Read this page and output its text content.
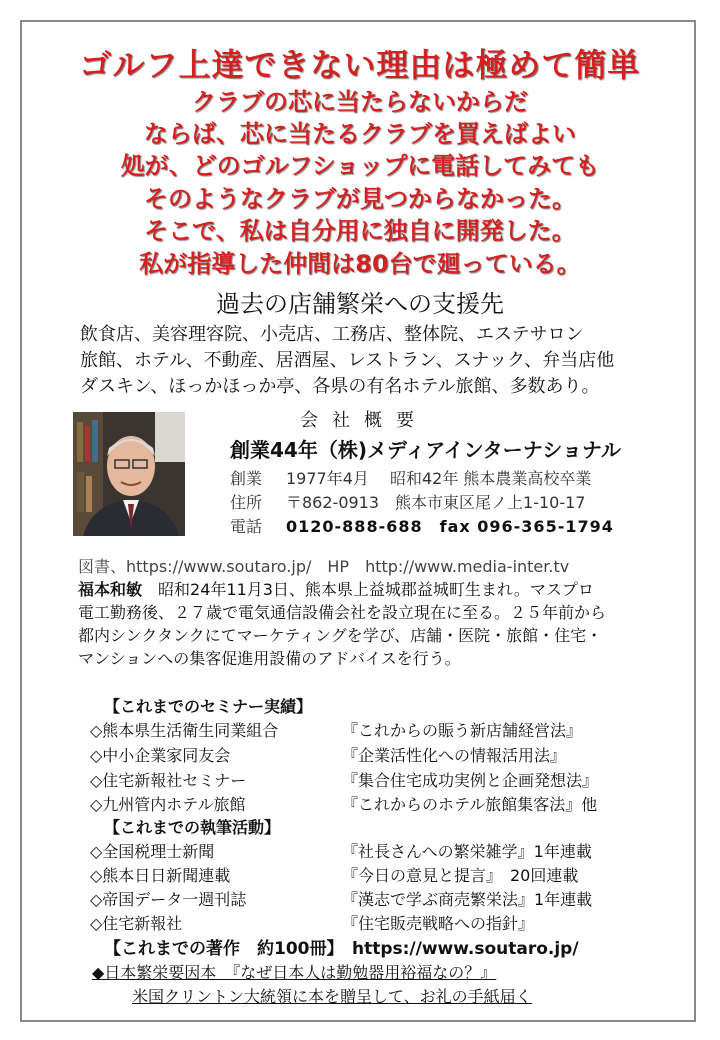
ゴルフ上達できない理由は極めて簡単
クラブの芯に当たらないからだ
ならば、芯に当たるクラブを買えばよい
処が、どのゴルフショップに電話してみても
そのようなクラブが見つからなかった。
そこで、私は自分用に独自に開発した。
私が指導した仲間は80台で廻っている。
過去の店舗繁栄への支援先
飲食店、美容理容院、小売店、工務店、整体院、エステサロン
旅館、ホテル、不動産、居酒屋、レストラン、スナック、弁当店他
ダスキン、ほっかほっか亭、各県の有名ホテル旅館、多数あり。
会社概要
創業44年（株)メディアインターナショナル
創業 1977年4月　 昭和42年 熊本農業高校卒業
住所 〒862-0913　熊本市東区尾ノ上1-10-17
電話 0120-888-688　fax 096-365-1794
図書、https://www.soutaro.jp/　HP　http://www.media-inter.tv
福本和敏　 昭和24年11月3日、熊本県上益城郡益城町生まれ。マスプロ
電工勤務後、２７歳で電気通信設備会社を設立現在に至る。２５年前から
都内シンクタンクにてマーケティングを学び、店舗・医院・旅館・住宅・
マンションへの集客促進用設備のアドバイスを行う。
【これまでのセミナー実績】
◇熊本県生活衛生同業組合	『これからの賑う新店舗経営法』
◇中小企業家同友会	『企業活性化への情報活用法』
◇住宅新報社セミナー	『集合住宅成功実例と企画発想法』
◇九州管内ホテル旅館	『これからのホテル旅館集客法』他
【これまでの執筆活動】
◇全国税理士新聞	『社長さんへの繁栄雑学』1年連載
◇熊本日日新聞連載	『今日の意見と提言』　20回連載
◇帝国データ一週刊誌	『漢志で学ぶ商売繁栄法』1年連載
◇住宅新報社	『住宅販売戦略への指針』
【これまでの著作　約100冊】　https://www.soutaro.jp/
◆日本繁栄要因本　『なぜ日本人は勤勉器用裕福なの？』
米国クリントン大統領に本を贈呈して、お礼の手紙届く
